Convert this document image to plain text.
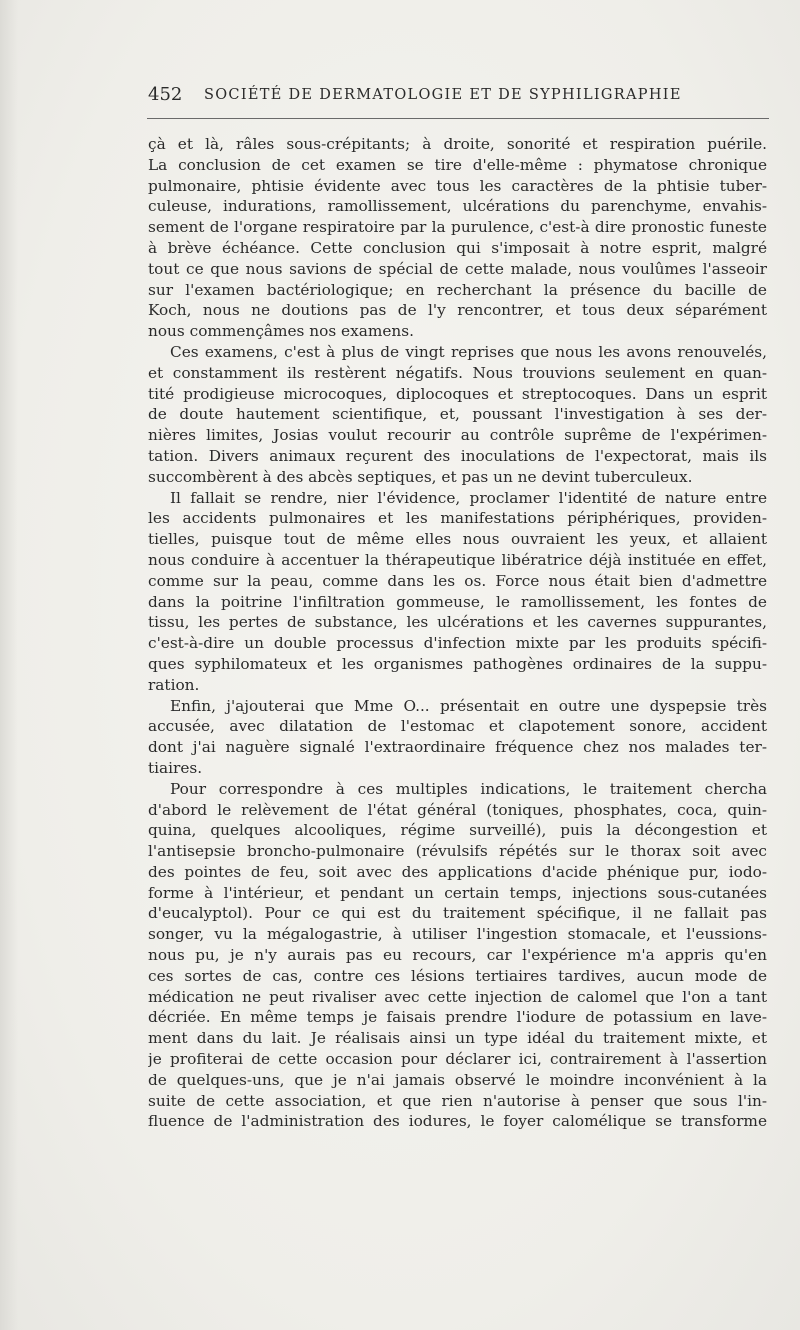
452 SOCIÉTÉ DE DERMATOLOGIE ET DE SYPHILIGRAPHIE
çà et là, râles sous-crépitants; à droite, sonorité et respiration puérile.
La conclusion de cet examen se tire d'elle-même : phymatose chronique
pulmonaire, phtisie évidente avec tous les caractères de la phtisie tuber-
culeuse, indurations, ramollissement, ulcérations du parenchyme, envahis-
sement de l'organe respiratoire par la purulence, c'est-à dire pronostic funeste
à brève échéance. Cette conclusion qui s'imposait à notre esprit, malgré
tout ce que nous savions de spécial de cette malade, nous voulûmes l'asseoir
sur l'examen bactériologique; en recherchant la présence du bacille de
Koch, nous ne doutions pas de l'y rencontrer, et tous deux séparément
nous commençâmes nos examens.
Ces examens, c'est à plus de vingt reprises que nous les avons renouvelés,
et constamment ils restèrent négatifs. Nous trouvions seulement en quan-
tité prodigieuse microcoques, diplocoques et streptocoques. Dans un esprit
de doute hautement scientifique, et, poussant l'investigation à ses der-
nières limites, Josias voulut recourir au contrôle suprême de l'expérimen-
tation. Divers animaux reçurent des inoculations de l'expectorat, mais ils
succombèrent à des abcès septiques, et pas un ne devint tuberculeux.
Il fallait se rendre, nier l'évidence, proclamer l'identité de nature entre
les accidents pulmonaires et les manifestations périphériques, providen-
tielles, puisque tout de même elles nous ouvraient les yeux, et allaient
nous conduire à accentuer la thérapeutique libératrice déjà instituée en effet,
comme sur la peau, comme dans les os. Force nous était bien d'admettre
dans la poitrine l'infiltration gommeuse, le ramollissement, les fontes de
tissu, les pertes de substance, les ulcérations et les cavernes suppurantes,
c'est-à-dire un double processus d'infection mixte par les produits spécifi-
ques syphilomateux et les organismes pathogènes ordinaires de la suppu-
ration.
Enfin, j'ajouterai que Mme O... présentait en outre une dyspepsie très
accusée, avec dilatation de l'estomac et clapotement sonore, accident
dont j'ai naguère signalé l'extraordinaire fréquence chez nos malades ter-
tiaires.
Pour correspondre à ces multiples indications, le traitement chercha
d'abord le relèvement de l'état général (toniques, phosphates, coca, quin-
quina, quelques alcooliques, régime surveillé), puis la décongestion et
l'antisepsie broncho-pulmonaire (révulsifs répétés sur le thorax soit avec
des pointes de feu, soit avec des applications d'acide phénique pur, iodo-
forme à l'intérieur, et pendant un certain temps, injections sous-cutanées
d'eucalyptol). Pour ce qui est du traitement spécifique, il ne fallait pas
songer, vu la mégalogastrie, à utiliser l'ingestion stomacale, et l'eussions-
nous pu, je n'y aurais pas eu recours, car l'expérience m'a appris qu'en
ces sortes de cas, contre ces lésions tertiaires tardives, aucun mode de
médication ne peut rivaliser avec cette injection de calomel que l'on a tant
décriée. En même temps je faisais prendre l'iodure de potassium en lave-
ment dans du lait. Je réalisais ainsi un type idéal du traitement mixte, et
je profiterai de cette occasion pour déclarer ici, contrairement à l'assertion
de quelques-uns, que je n'ai jamais observé le moindre inconvénient à la
suite de cette association, et que rien n'autorise à penser que sous l'in-
fluence de l'administration des iodures, le foyer calomélique se transforme
